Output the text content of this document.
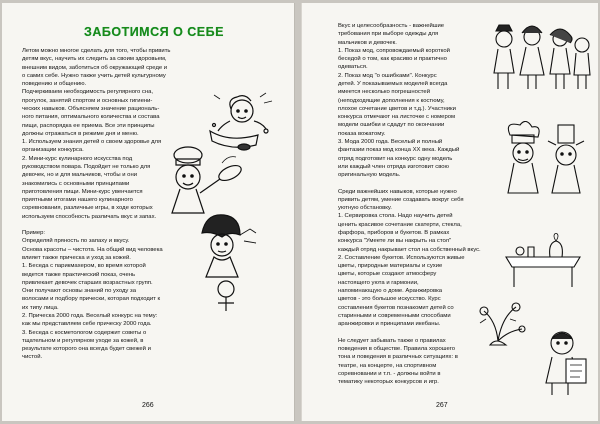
ЗАБОТИМСЯ О СЕБЕ

Летом можно многое сделать для того, чтобы привить

детям вкус, научить их следить за своим здоровьем,

внешним видом, заботиться об окружающей среде и

о самих себе. Нужно также учить детей культурному

поведению и общению.

Подчеркиваем необходимость регулярного сна,

прогулок, занятий спортом и основных гигиени-

ческих навыков. Объясняем значение рациональ-

ного питания, оптимального количества и состава

пищи, распорядка ее приема. Все эти принципы

должны отражаться в режиме дня и меню.

1. Используем знания детей о своем здоровье для

организации конкурса.

2. Мини-курс кулинарного искусства под

руководством повара. Подойдет не только для

девочек, но и для мальчиков, чтобы и они

знакомились с основными принципами

приготовления пищи. Мини-курс увенчается

приятными итогами нашего кулинарного

соревнования, различные игры, в ходе которых

используем способность различать вкус и запах.

Пример:

Определяй пряность по запаху и вкусу.

Основа красоты – чистота. На общий вид человека

влияет также прическа и уход за кожей.

1. Беседа с парикмахером, во время которой

ведется также практический показ, очень

привлекает девочек старших возрастных групп.

Они получают основы знаний по уходу за

волосами и подбору прически, которая подходит к

их типу лица.

2. Прическа 2000 года. Веселый конкурс на тему:

как мы представляем себе прическу 2000 года.

3. Беседа с косметологом содержит советы о

тщательном и регулярном уходе за кожей, в

результате которого она всегда будет свежей и

чистой.

266

Вкус и целесообразность - важнейшие

требования при выборе одежды для

мальчиков и девочек.

1. Показ мод, сопровождаемый короткой

беседой о том, как красиво и практично

одеваться.

2. Показ мод "о ошибками". Конкурс

детей. У показываемых моделей всегда

имеется несколько погрешностей

(неподходящие дополнения к костюму,

плохое сочетание цветов и т.д.). Участники

конкурса отмечают на листочке с номером

модели ошибки и сдадут по окончании

показа вожатому.

3. Мода 2000 года. Веселый и полный

фантазии показ мод конца XX века. Каждый

отряд подготовит на конкурс одну модель

или каждый член отряда изготовит свою

оригинальную модель.

Среди важнейших навыков, которые нужно

привить детям, умение создавать вокруг себя

уютную обстановку.

1. Сервировка стола. Надо научить детей

ценить красивое сочетание скатерти, стекла,

фарфора, приборов и букетов. В рамках

конкурса "Умеете ли вы накрыть на стол"

каждый отряд накрывает стол на собственный вкус.

2. Составление букетов. Используются живые

цветы, природные материалы и сухие

цветы, которые создают атмосферу

настоящего уюта и гармонии,

напоминающую о доме. Аранжировка

цветов - это большое искусство. Курс

составления букетов познакомит детей со

старинными и современными способами

аранжировки и принципами икебаны.

Не следует забывать также о правилах

поведения в обществе. Правила хорошего

тона и поведения в различных ситуациях: в

театре, на концерте, на спортивном

соревновании и т.п. - должны войти в

тематику некоторых конкурсов и игр.

267
